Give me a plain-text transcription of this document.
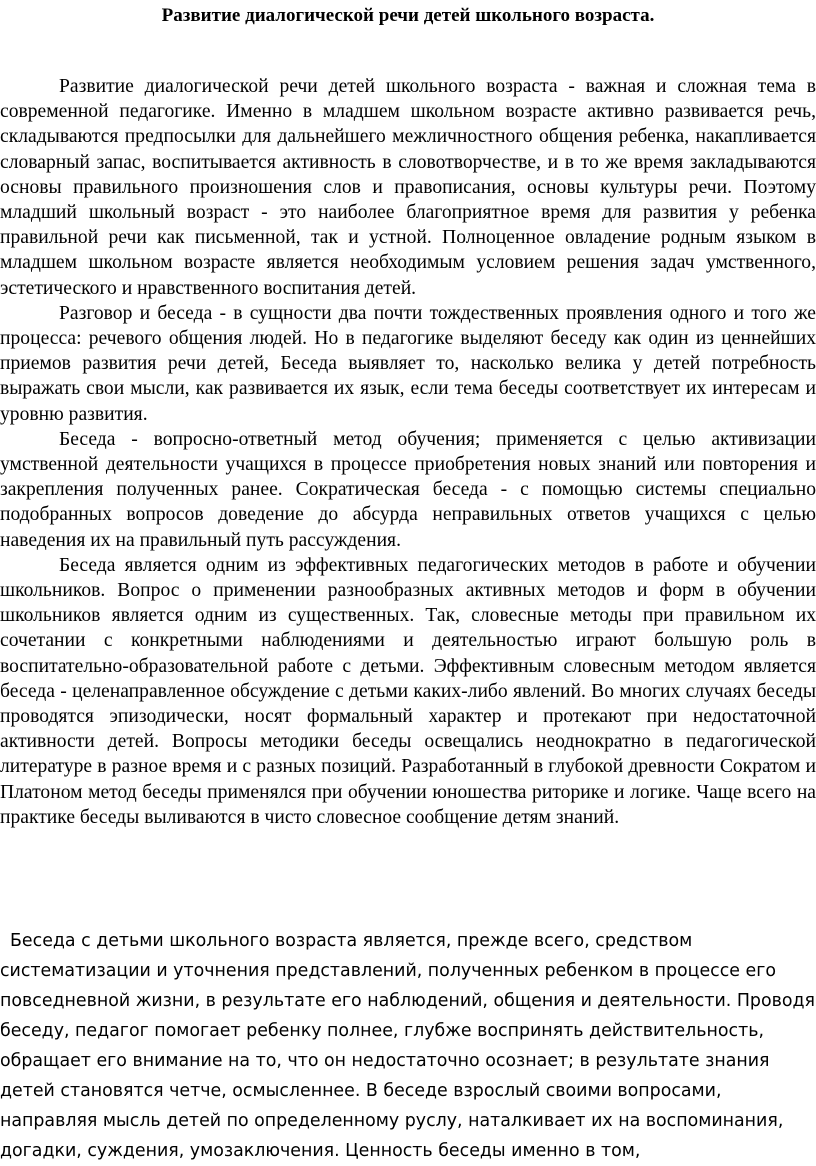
Развитие диалогической речи детей школьного возраста.

Развитие диалогической речи детей школьного возраста - важная и сложная тема в современной педагогике. Именно в младшем школьном возрасте активно развивается речь, складываются предпосылки для дальнейшего межличностного общения ребенка, накапливается словарный запас, воспитывается активность в словотворчестве, и в то же время закладываются основы правильного произношения слов и правописания, основы культуры речи. Поэтому младший школьный возраст - это наиболее благоприятное время для развития у ребенка правильной речи как письменной, так и устной. Полноценное овладение родным языком в младшем школьном возрасте является необходимым условием решения задач умственного, эстетического и нравственного воспитания детей.

Разговор и беседа - в сущности два почти тождественных проявления одного и того же процесса: речевого общения людей. Но в педагогике выделяют беседу как один из ценнейших приемов развития речи детей, Беседа выявляет то, насколько велика у детей потребность выражать свои мысли, как развивается их язык, если тема беседы соответствует их интересам и уровню развития.

Беседа - вопросно-ответный метод обучения; применяется с целью активизации умственной деятельности учащихся в процессе приобретения новых знаний или повторения и закрепления полученных ранее. Сократическая беседа - с помощью системы специально подобранных вопросов доведение до абсурда неправильных ответов учащихся с целью наведения их на правильный путь рассуждения.

Беседа является одним из эффективных педагогических методов в работе и обучении школьников. Вопрос о применении разнообразных активных методов и форм в обучении школьников является одним из существенных. Так, словесные методы при правильном их сочетании с конкретными наблюдениями и деятельностью играют большую роль в воспитательно-образовательной работе с детьми. Эффективным словесным методом является беседа - целенаправленное обсуждение с детьми каких-либо явлений. Во многих случаях беседы проводятся эпизодически, носят формальный характер и протекают при недостаточной активности детей. Вопросы методики беседы освещались неоднократно в педагогической литературе в разное время и с разных позиций. Разработанный в глубокой древности Сократом и Платоном метод беседы применялся при обучении юношества риторике и логике. Чаще всего на практике беседы выливаются в чисто словесное сообщение детям знаний.

Беседа с детьми школьного возраста является, прежде всего, средством систематизации и уточнения представлений, полученных ребенком в процессе его повседневной жизни, в результате его наблюдений, общения и деятельности. Проводя беседу, педагог помогает ребенку полнее, глубже воспринять действительность, обращает его внимание на то, что он недостаточно осознает; в результате знания детей становятся четче, осмысленнее. В беседе взрослый своими вопросами, направляя мысль детей по определенному руслу, наталкивает их на воспоминания, догадки, суждения, умозаключения. Ценность беседы именно в том,
